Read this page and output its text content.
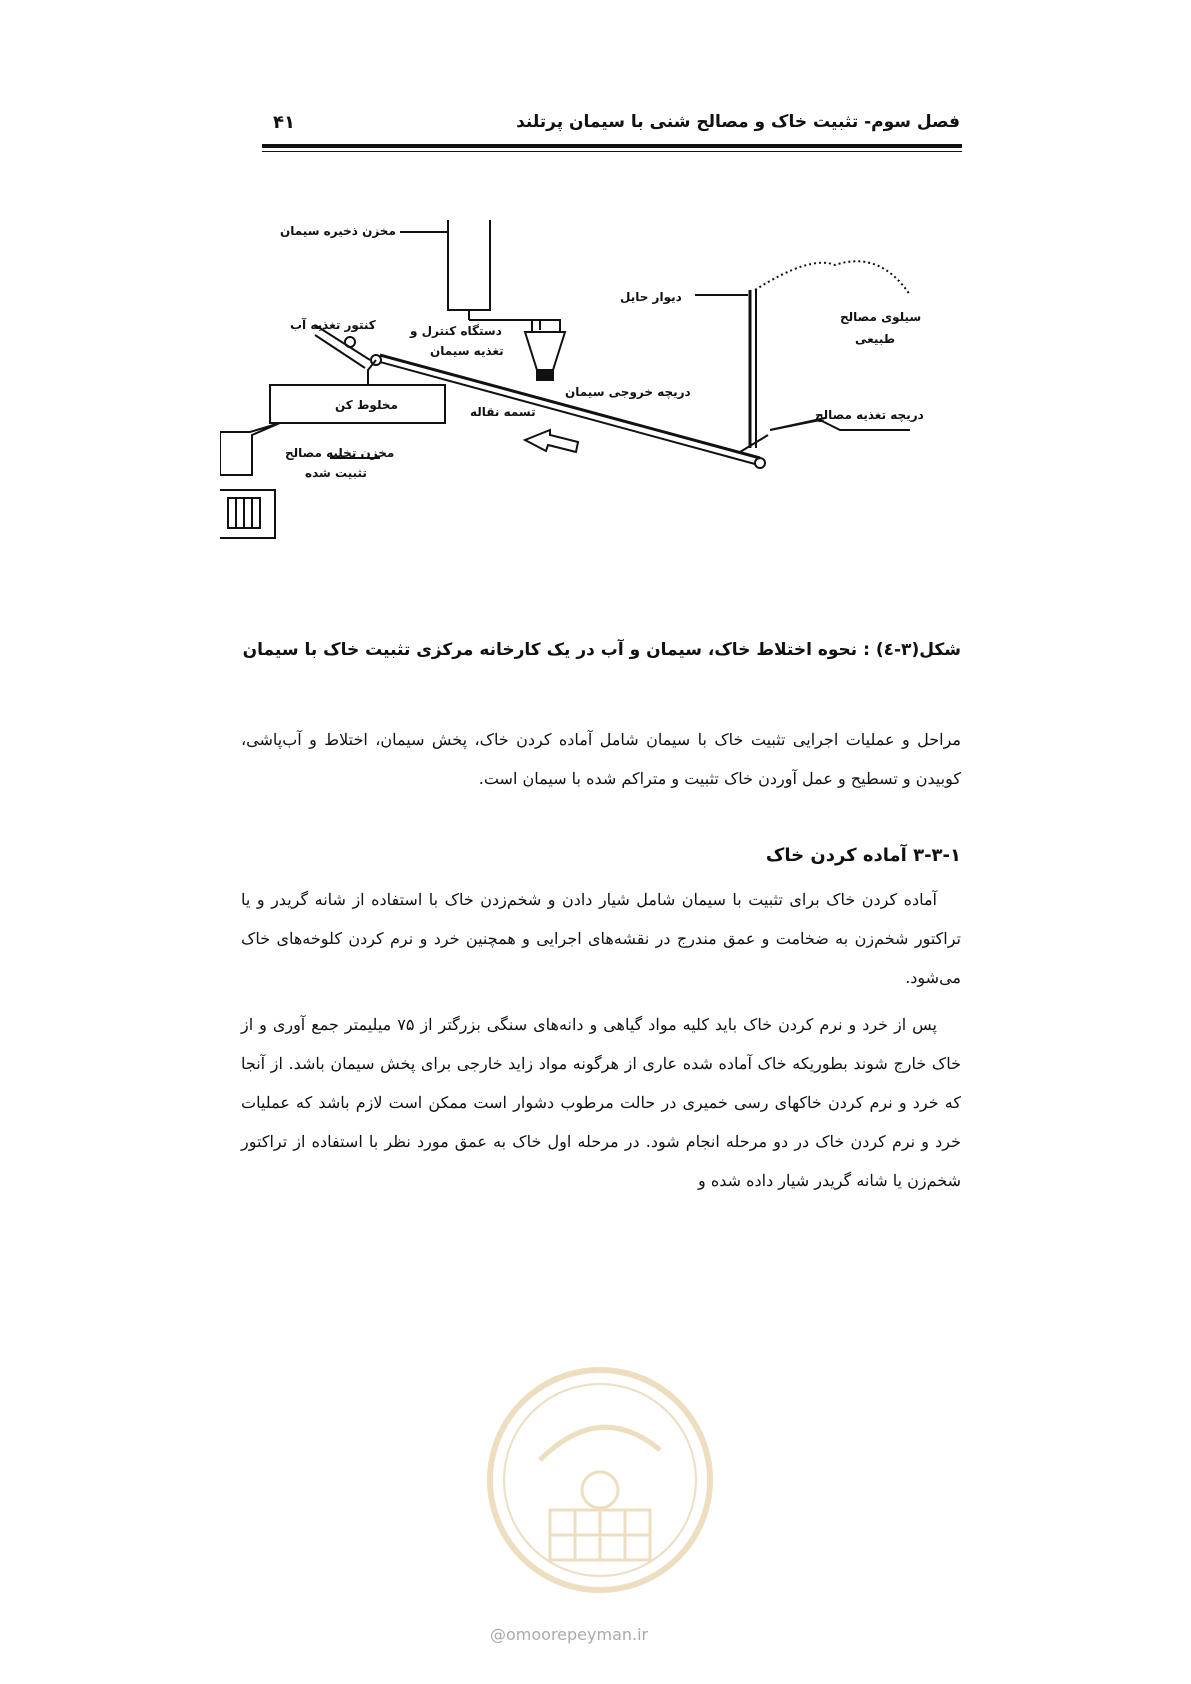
فصل سوم- تثبیت خاک و مصالح شنی با سیمان پرتلند
۴۱
مخزن ذخیره سیمان
کنتور تغذیه آب	دستگاه کنترل و
تغذیه سیمان
دیوار حایل
سیلوی مصالح
طبیعی
دریچه خروجی سیمان
مخلوط کن	تسمه نقاله	دریچه تغذیه مصالح
مخزن تخلیه مصالح
تثبیت شده
شکل(۳-٤) : نحوه اختلاط خاک، سیمان و آب در یک کارخانه مرکزی تثبیت خاک با سیمان
مراحل و عملیات اجرایی تثبیت خاک با سیمان شامل آماده کردن خاک، پخش سیمان، اختلاط و آب‌پاشی، کوبیدن و تسطیح و عمل آوردن خاک تثبیت و متراکم شده با سیمان است.
۳-۳-۱ آماده کردن خاک
آماده کردن خاک برای تثبیت با سیمان شامل شیار دادن و شخم‌زدن خاک با استفاده از شانه گریدر و یا تراکتور شخم‌زن به ضخامت و عمق مندرج در نقشه‌های اجرایی و همچنین خرد و نرم کردن کلوخه‌های خاک می‌شود.
پس از خرد و نرم کردن خاک باید کلیه مواد گیاهی و دانه‌های سنگی بزرگتر از ۷۵ میلیمتر جمع آوری و از خاک خارج شوند بطوریکه خاک آماده شده عاری از هرگونه مواد زاید خارجی برای پخش سیمان باشد. از آنجا که خرد و نرم کردن خاکهای رسی خمیری در حالت مرطوب دشوار است ممکن است لازم باشد که عملیات خرد و نرم کردن خاک در دو مرحله انجام شود. در مرحله اول خاک به عمق مورد نظر با استفاده از تراکتور شخم‌زن یا شانه گریدر شیار داده شده و
@omoorepeyman.ir
